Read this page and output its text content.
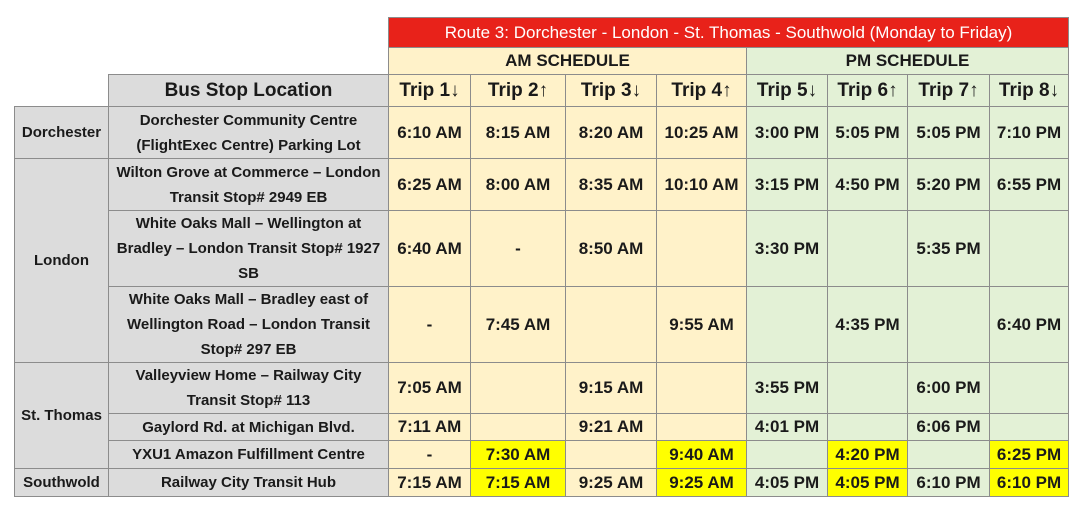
		Route 3: Dorchester - London - St. Thomas - Southwold (Monday to Friday)							
		AM SCHEDULE				PM SCHEDULE			
	Bus Stop Location	Trip 1↓	Trip 2↑	Trip 3↓	Trip 4↑	Trip 5↓	Trip 6↑	Trip 7↑	Trip 8↓
Dorchester	Dorchester Community Centre (FlightExec Centre) Parking Lot	6:10 AM	8:15 AM	8:20 AM	10:25 AM	3:00 PM	5:05 PM	5:05 PM	7:10 PM
London	Wilton Grove at Commerce – London Transit Stop# 2949 EB	6:25 AM	8:00 AM	8:35 AM	10:10 AM	3:15 PM	4:50 PM	5:20 PM	6:55 PM
	White Oaks Mall – Wellington at Bradley – London Transit Stop# 1927 SB	6:40 AM	-	8:50 AM		3:30 PM		5:35 PM	
	White Oaks Mall – Bradley east of Wellington Road – London Transit Stop# 297 EB	-	7:45 AM		9:55 AM		4:35 PM		6:40 PM
St. Thomas	Valleyview Home – Railway City Transit Stop# 113	7:05 AM		9:15 AM		3:55 PM		6:00 PM	
	Gaylord Rd. at Michigan Blvd.	7:11 AM		9:21 AM		4:01 PM		6:06 PM	
	YXU1 Amazon Fulfillment Centre	-	7:30 AM		9:40 AM		4:20 PM		6:25 PM
Southwold	Railway City Transit Hub	7:15 AM	7:15 AM	9:25 AM	9:25 AM	4:05 PM	4:05 PM	6:10 PM	6:10 PM
